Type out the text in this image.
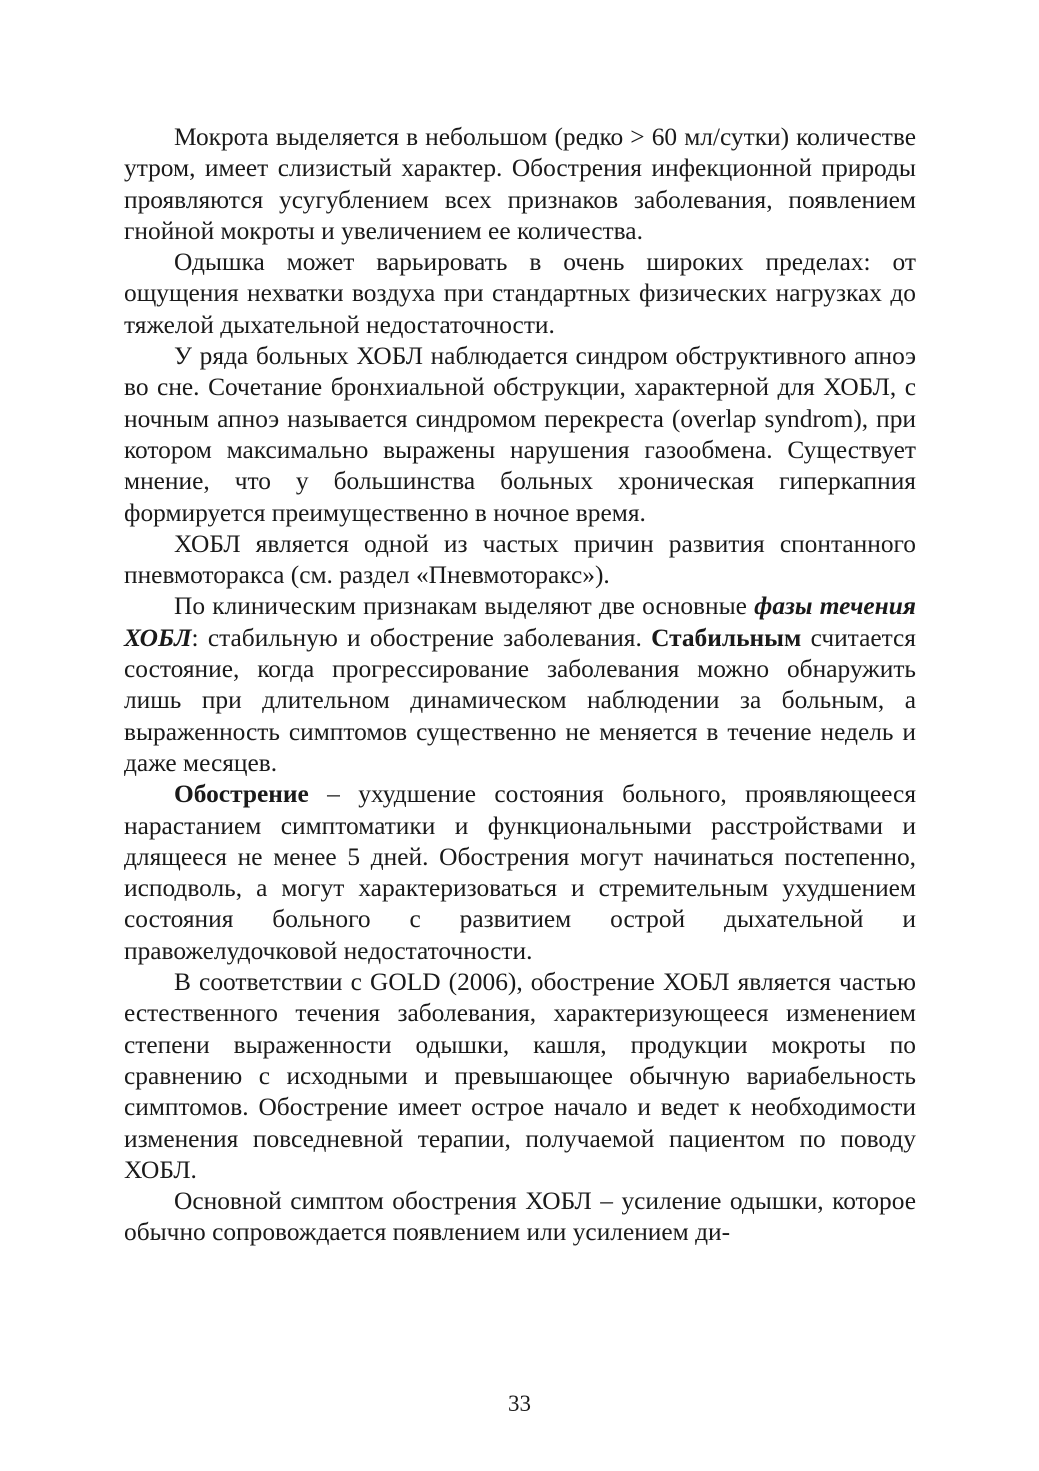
Мокрота выделяется в небольшом (редко > 60 мл/сутки) количестве утром, имеет слизистый характер. Обострения инфекционной природы проявляются усугублением всех признаков заболевания, появлением гнойной мокроты и увеличением ее количества.

Одышка может варьировать в очень широких пределах: от ощущения нехватки воздуха при стандартных физических нагрузках до тяжелой дыхательной недостаточности.

У ряда больных ХОБЛ наблюдается синдром обструктивного апноэ во сне. Сочетание бронхиальной обструкции, характерной для ХОБЛ, с ночным апноэ называется синдромом перекреста (overlap syndrom), при котором максимально выражены нарушения газообмена. Существует мнение, что у большинства больных хроническая гиперкапния формируется преимущественно в ночное время.

ХОБЛ является одной из частых причин развития спонтанного пневмоторакса (см. раздел «Пневмоторакс»).

По клиническим признакам выделяют две основные фазы течения ХОБЛ: стабильную и обострение заболевания. Стабильным считается состояние, когда прогрессирование заболевания можно обнаружить лишь при длительном динамическом наблюдении за больным, а выраженность симптомов существенно не меняется в течение недель и даже месяцев.

Обострение – ухудшение состояния больного, проявляющееся нарастанием симптоматики и функциональными расстройствами и длящееся не менее 5 дней. Обострения могут начинаться постепенно, исподволь, а могут характеризоваться и стремительным ухудшением состояния больного с развитием острой дыхательной и правожелудочковой недостаточности.

В соответствии с GOLD (2006), обострение ХОБЛ является частью естественного течения заболевания, характеризующееся изменением степени выраженности одышки, кашля, продукции мокроты по сравнению с исходными и превышающее обычную вариабельность симптомов. Обострение имеет острое начало и ведет к необходимости изменения повседневной терапии, получаемой пациентом по поводу ХОБЛ.

Основной симптом обострения ХОБЛ – усиление одышки, которое обычно сопровождается появлением или усилением ди-

33
